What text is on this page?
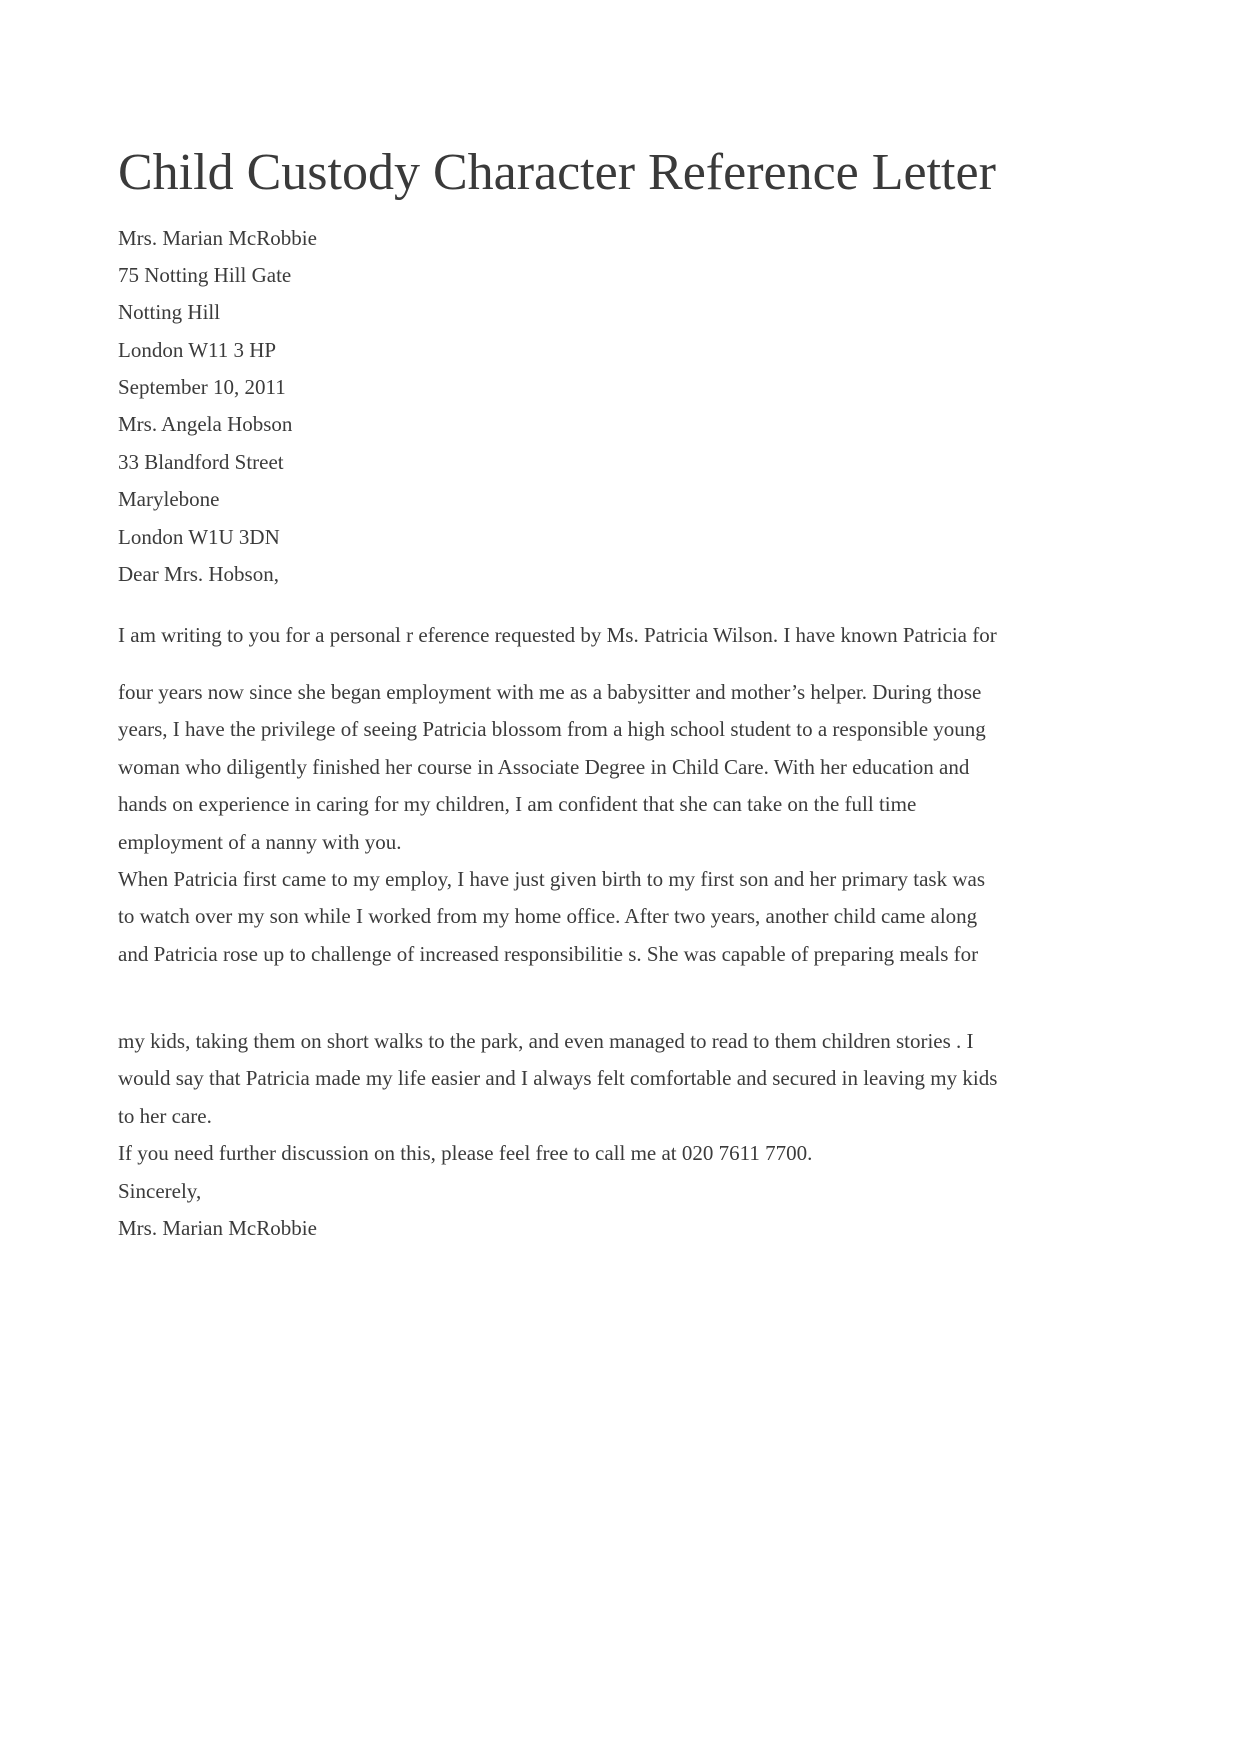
Child Custody Character Reference Letter

Mrs. Marian McRobbie

75 Notting Hill Gate

Notting Hill

London W11 3 HP

September 10, 2011

Mrs. Angela Hobson

33 Blandford Street

Marylebone

London W1U 3DN

Dear Mrs. Hobson,

I am writing to you for a personal r eference requested by Ms. Patricia Wilson. I have known Patricia for

four years now since she began employment with me as a babysitter and mother’s helper. During those

years, I have the privilege of seeing Patricia blossom from a high school student to a responsible young

woman who diligently finished her course in Associate Degree in Child Care. With her education and

hands on experience in caring for my children, I am confident that she can take on the full time

employment of a nanny with you.

When Patricia first came to my employ, I have just given birth to my first son and her primary task was

to watch over my son while I worked from my home office. After two years, another child came along

and Patricia rose up to challenge of increased responsibilitie s. She was capable of preparing meals for

my kids, taking them on short walks to the park, and even managed to read to them children stories . I

would say that Patricia made my life easier and I always felt comfortable and secured in leaving my kids

to her care.

If you need further discussion on this, please feel free to call me at 020 7611 7700.

Sincerely,

Mrs. Marian McRobbie
